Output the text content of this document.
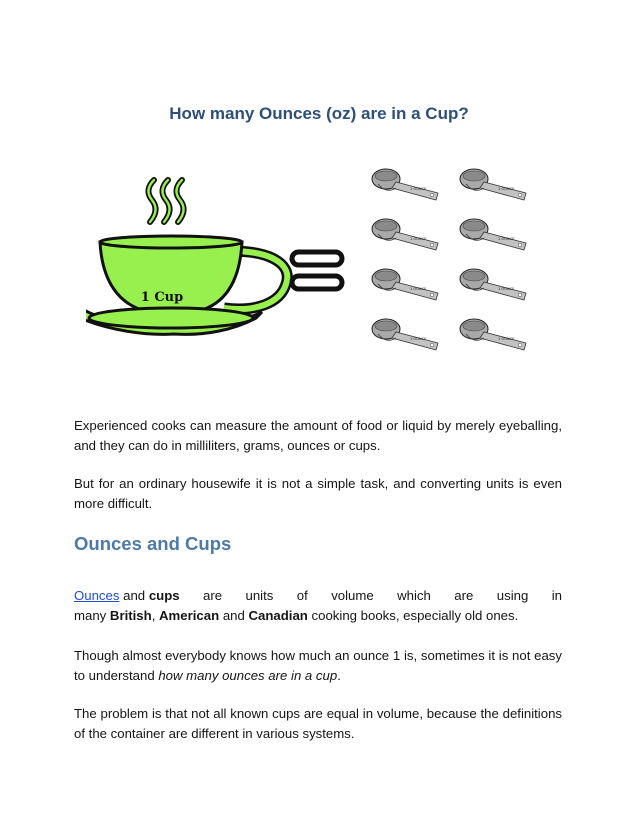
How many Ounces (oz) are in a Cup?
1 Cup
1 OUNCE	1 OUNCE
1 OUNCE	1 OUNCE
1 OUNCE	1 OUNCE
1 OUNCE	1 OUNCE

Experienced cooks can measure the amount of food or liquid by merely eyeballing, and they can do in milliliters, grams, ounces or cups.

But for an ordinary housewife it is not a simple task, and converting units is even more difficult.

Ounces and Cups
Ounces and cups are units of volume which are using in
many British, American and Canadian cooking books, especially old ones.

Though almost everybody knows how much an ounce 1 is, sometimes it is not easy to understand how many ounces are in a cup.

The problem is that not all known cups are equal in volume, because the definitions of the container are different in various systems.
